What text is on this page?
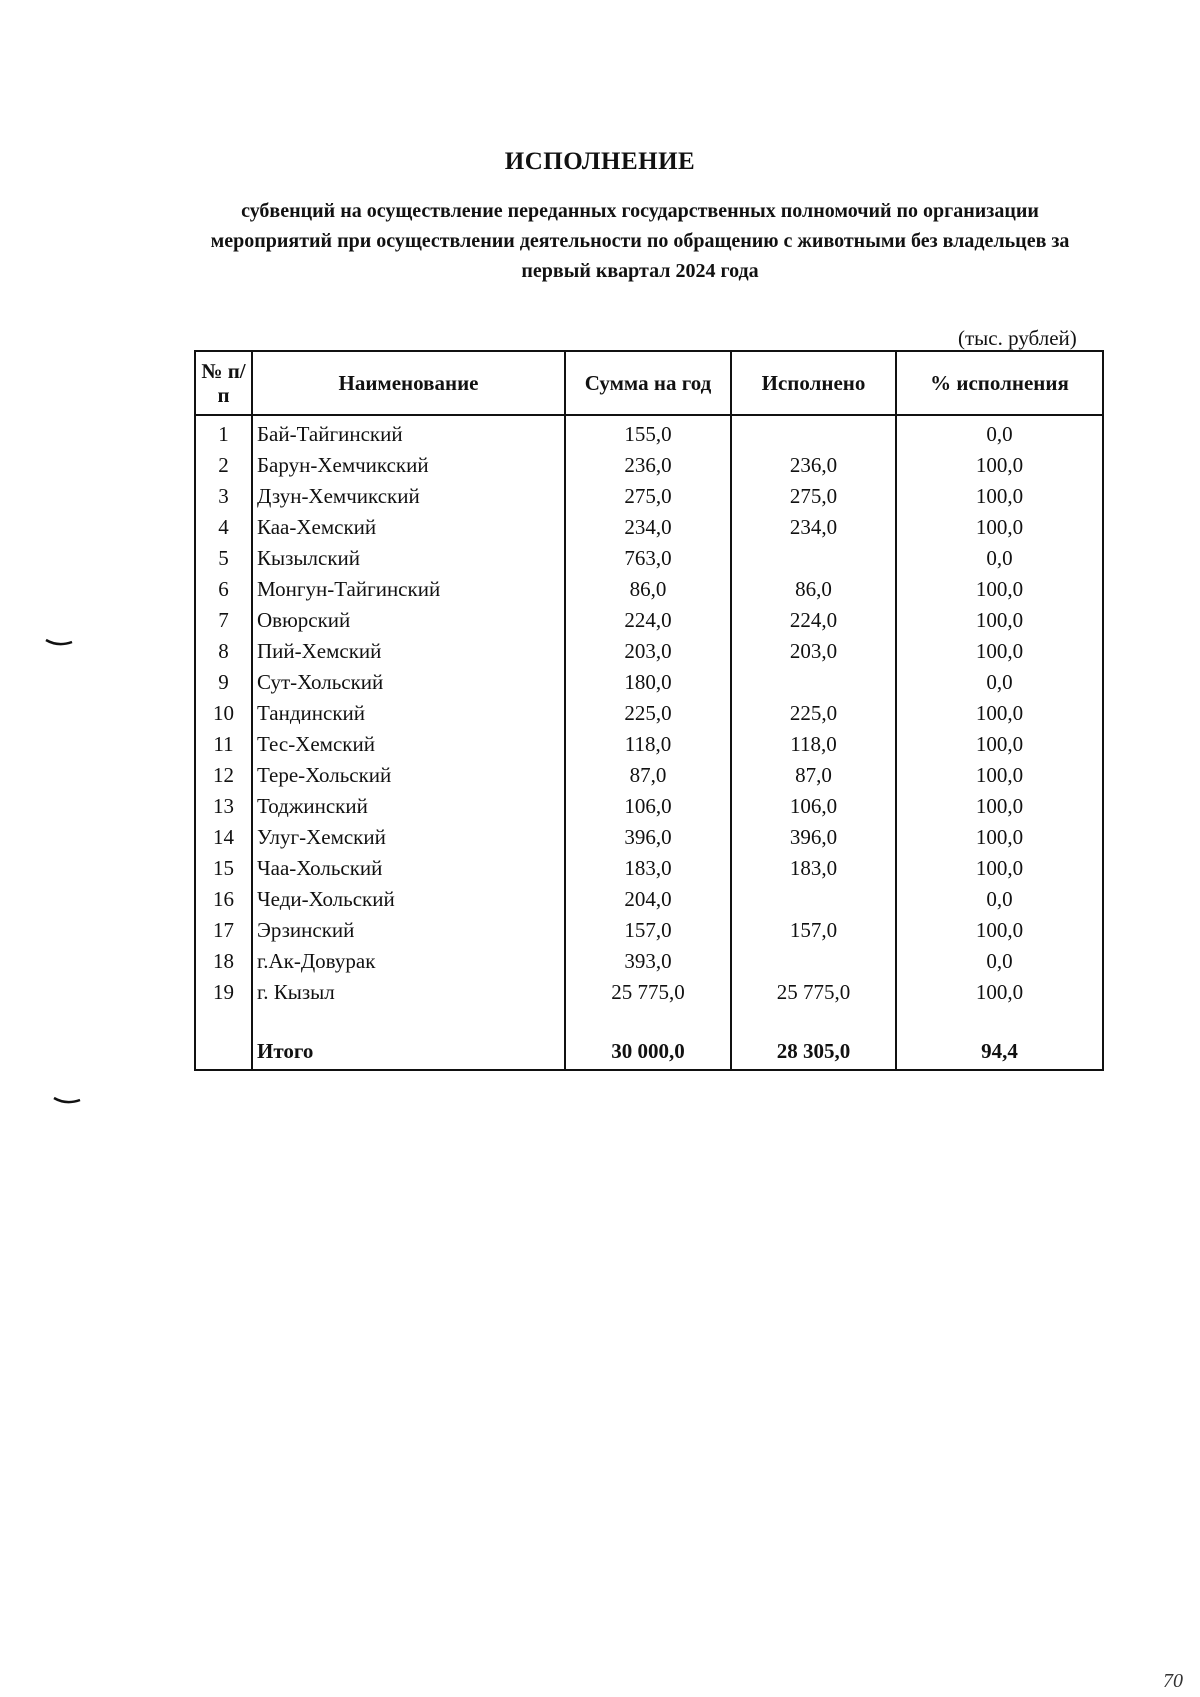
ИСПОЛНЕНИЕ
субвенций на осуществление переданных государственных полномочий по организации мероприятий при осуществлении деятельности по обращению с животными без владельцев за первый квартал 2024 года
(тыс. рублей)
№ п/п	Наименование	Сумма на год	Исполнено	% исполнения
1	Бай-Тайгинский	155,0		0,0
2	Барун-Хемчикский	236,0	236,0	100,0
3	Дзун-Хемчикский	275,0	275,0	100,0
4	Каа-Хемский	234,0	234,0	100,0
5	Кызылский	763,0		0,0
6	Монгун-Тайгинский	86,0	86,0	100,0
7	Овюрский	224,0	224,0	100,0
8	Пий-Хемский	203,0	203,0	100,0
9	Сут-Хольский	180,0		0,0
10	Тандинский	225,0	225,0	100,0
11	Тес-Хемский	118,0	118,0	100,0
12	Тере-Хольский	87,0	87,0	100,0
13	Тоджинский	106,0	106,0	100,0
14	Улуг-Хемский	396,0	396,0	100,0
15	Чаа-Хольский	183,0	183,0	100,0
16	Чеди-Хольский	204,0		0,0
17	Эрзинский	157,0	157,0	100,0
18	г.Ак-Довурак	393,0		0,0
19	г. Кызыл	25 775,0	25 775,0	100,0

	Итого	30 000,0	28 305,0	94,4
70
